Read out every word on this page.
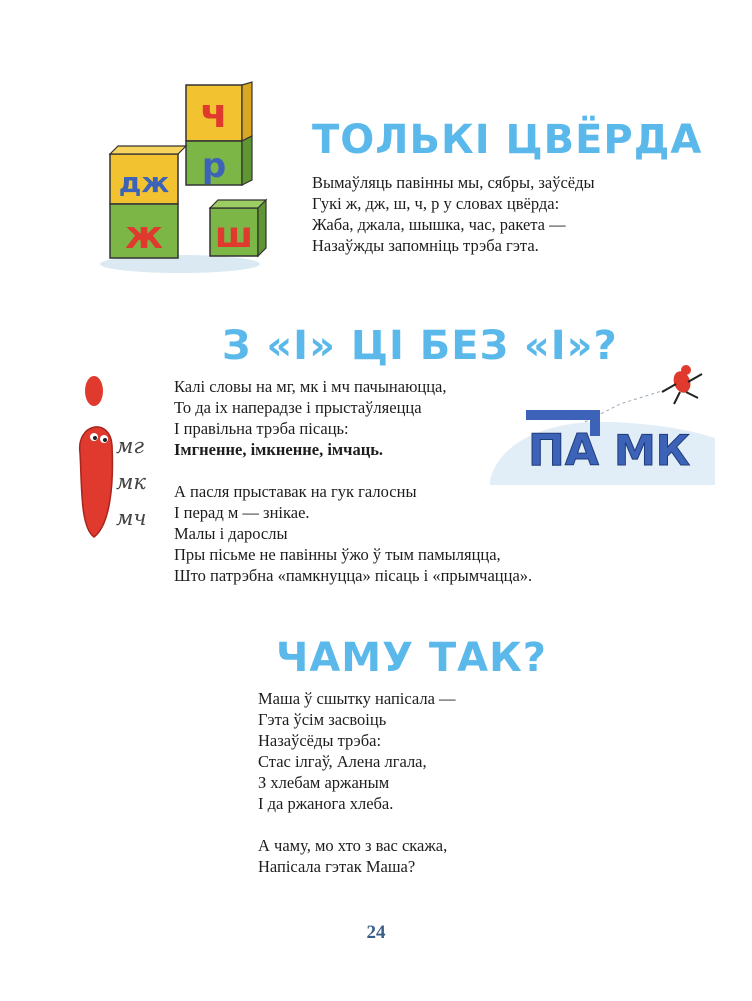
ч
р
дж
ж ш
ТОЛЬКІ ЦВЁРДА
Вымаўляць павінны мы, сябры, заўсёды
Гукі ж, дж, ш, ч, р у словах цвёрда:
Жаба, джала, шышка, час, ракета —
Назаўжды запомніць трэба гэта.
З «І» ЦІ БЕЗ «І»?
мг
мк
мч
Калі словы на мг, мк і мч пачынаюцца,
То да іх наперадзе і прыстаўляецца
І правільна трэба пісаць:
Імгненне, імкненне, імчаць.

А пасля прыставак на гук галосны
І перад м — знікае.
Малы і дарослы
Пры пісьме не павінны ўжо ў тым памыляцца,
Што патрэбна «памкнуцца» пісаць і «прымчацца».
ПА МК
ЧАМУ ТАК?
Маша ў сшытку напісала —
Гэта ўсім засвоіць
Назаўсёды трэба:
Стас ілгаў, Алена лгала,
З хлебам аржаным
І да ржанога хлеба.

А чаму, мо хто з вас скажа,
Напісала гэтак Маша?
24
